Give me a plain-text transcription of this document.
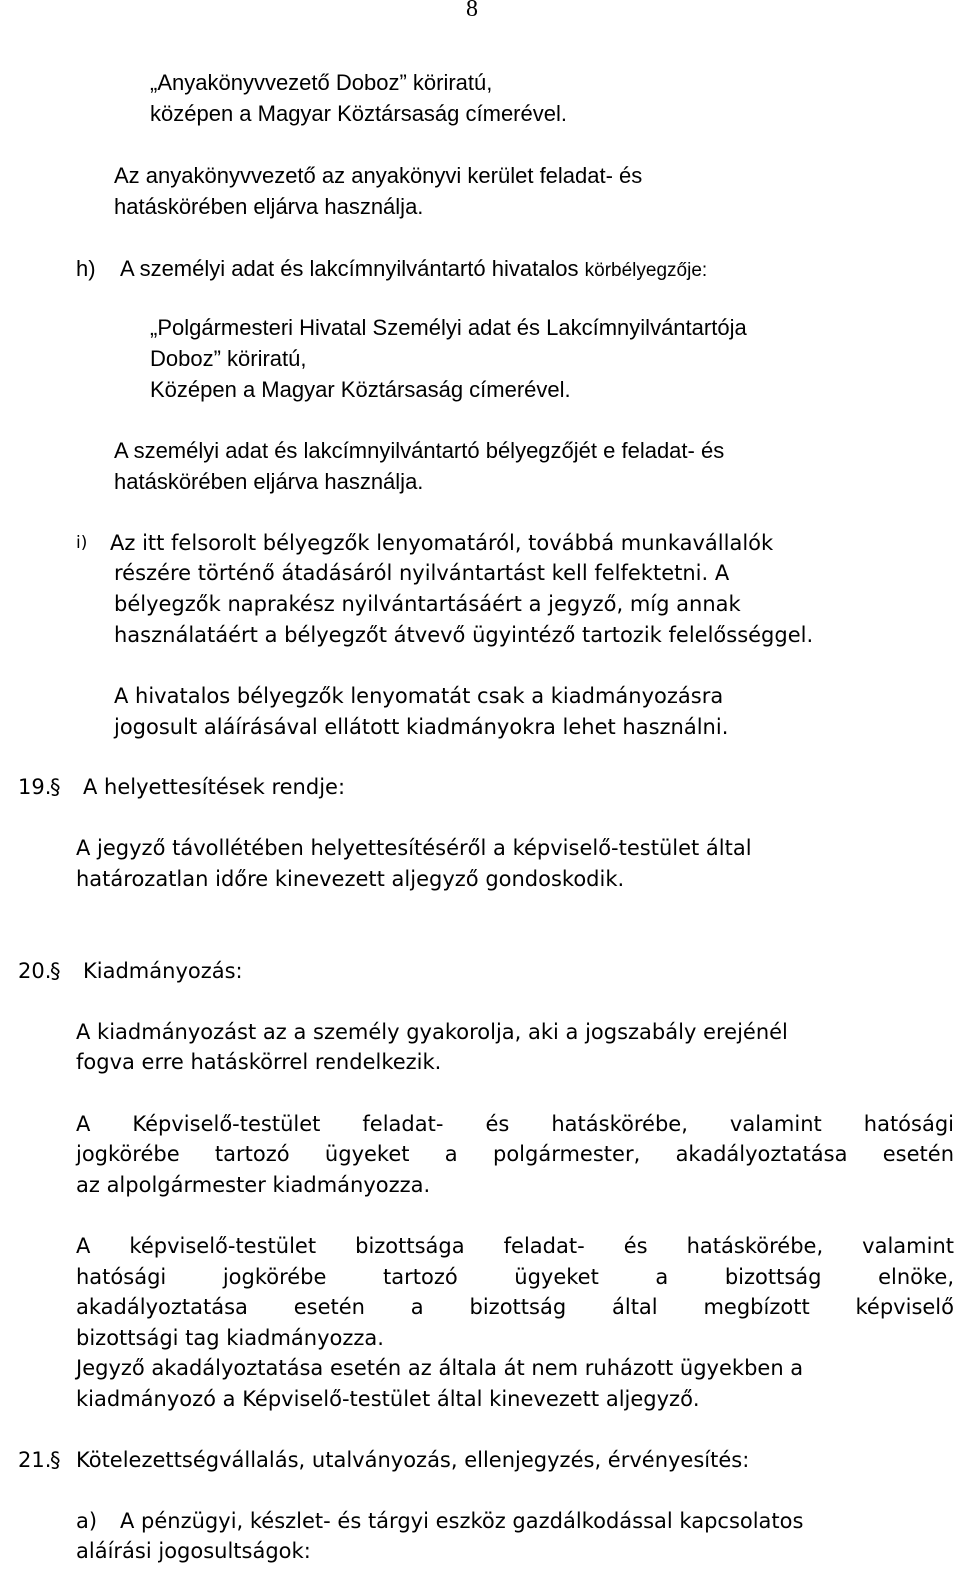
8
„Anyakönyvvezető Doboz” köriratú,
középen a Magyar Köztársaság címerével.
Az anyakönyvvezető az anyakönyvi kerület feladat- és
hatáskörében eljárva használja.
h) A személyi adat és lakcímnyilvántartó hivatalos körbélyegzője:
„Polgármesteri Hivatal Személyi adat és Lakcímnyilvántartója
Doboz” köriratú,
Középen a Magyar Köztársaság címerével.
A személyi adat és lakcímnyilvántartó bélyegzőjét e feladat- és
hatáskörében eljárva használja.
i) Az itt felsorolt bélyegzők lenyomatáról, továbbá munkavállalók
részére történő átadásáról nyilvántartást kell felfektetni. A
bélyegzők naprakész nyilvántartásáért a jegyző, míg annak
használatáért a bélyegzőt átvevő ügyintéző tartozik felelősséggel.
A hivatalos bélyegzők lenyomatát csak a kiadmányozásra
jogosult aláírásával ellátott kiadmányokra lehet használni.
19.
§ A helyettesítések rendje:
A jegyző távollétében helyettesítéséről a képviselő-testület által
határozatlan időre kinevezett aljegyző gondoskodik.
20.
§ Kiadmányozás:
A kiadmányozást az a személy gyakorolja, aki a jogszabály erejénél
fogva erre hatáskörrel rendelkezik.
A Képviselő-testület feladat- és hatáskörébe, valamint hatósági
jogkörébe tartozó ügyeket a polgármester, akadályoztatása esetén
az alpolgármester kiadmányozza.
A képviselő-testület bizottsága feladat- és hatáskörébe, valamint
hatósági jogkörébe tartozó ügyeket a bizottság elnöke,
akadályoztatása esetén a bizottság által megbízott képviselő
bizottsági tag kiadmányozza.
Jegyző akadályoztatása esetén az általa át nem ruházott ügyekben a
kiadmányozó a Képviselő-testület által kinevezett aljegyző.
21.
§ Kötelezettségvállalás, utalványozás, ellenjegyzés, érvényesítés:
a) A pénzügyi, készlet- és tárgyi eszköz gazdálkodással kapcsolatos
aláírási jogosultságok:
